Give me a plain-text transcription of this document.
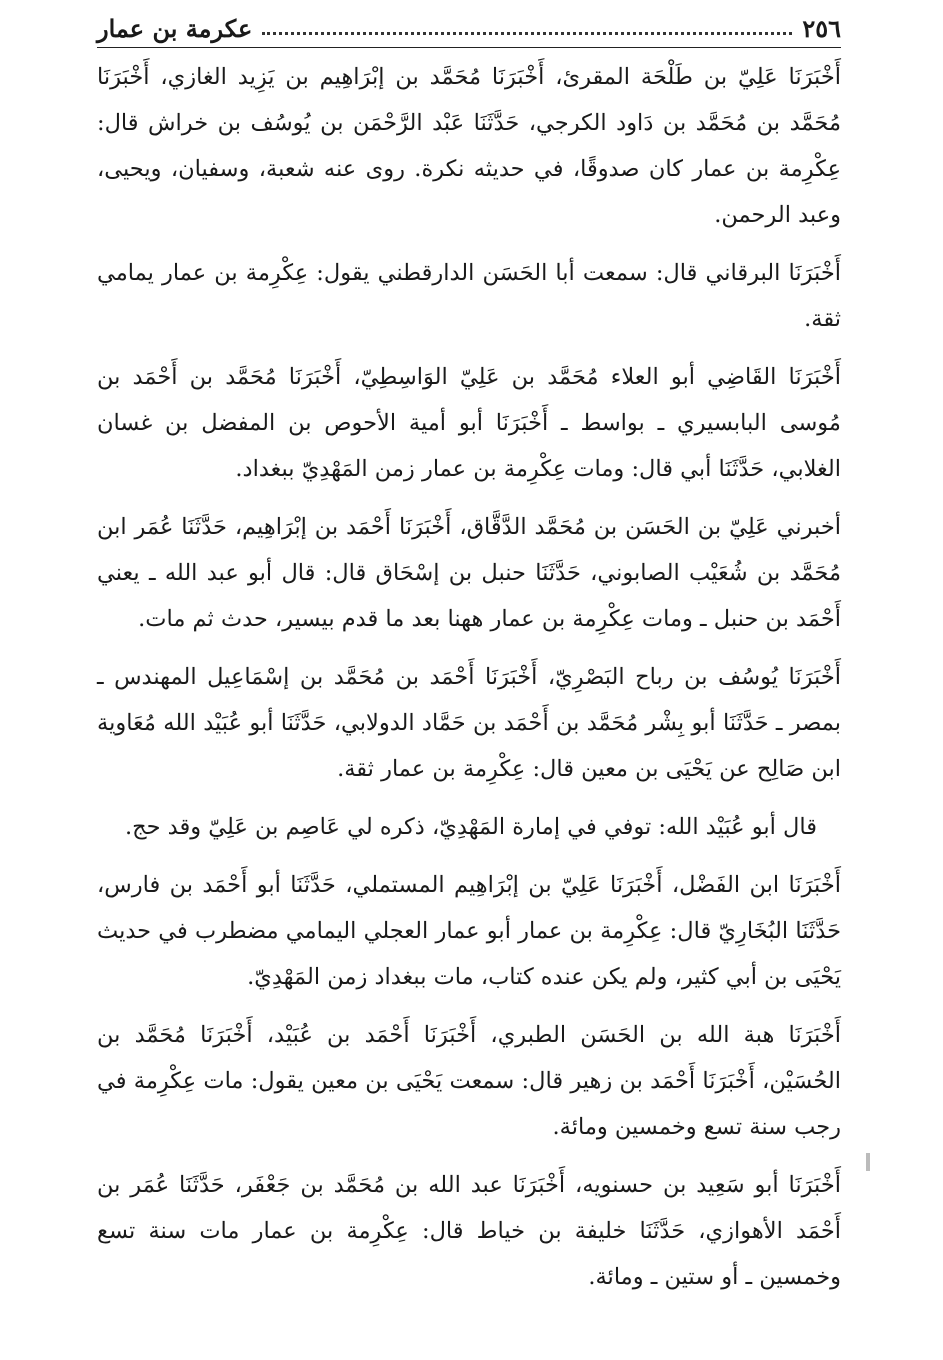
٢٥٦
عكرمة بن عمار

أَخْبَرَنَا عَلِيّ بن طَلْحَة المقرئ، أَخْبَرَنَا مُحَمَّد بن إبْرَاهِيم بن يَزِيد الغازي، أَخْبَرَنَا مُحَمَّد بن مُحَمَّد بن دَاود الكرجي، حَدَّثَنَا عَبْد الرَّحْمَن بن يُوسُف بن خراش قال: عِكْرِمة بن عمار كان صدوقًا، في حديثه نكرة. روى عنه شعبة، وسفيان، ويحيى، وعبد الرحمن.

أَخْبَرَنَا البرقاني قال: سمعت أبا الحَسَن الدارقطني يقول: عِكْرِمة بن عمار يمامي ثقة.

أَخْبَرَنَا القَاضِي أبو العلاء مُحَمَّد بن عَلِيّ الوَاسِطِيّ، أَخْبَرَنَا مُحَمَّد بن أَحْمَد بن مُوسى البابسيري ـ بواسط ـ أَخْبَرَنَا أبو أمية الأحوص بن المفضل بن غسان الغلابي، حَدَّثَنَا أبي قال: ومات عِكْرِمة بن عمار زمن المَهْدِيّ ببغداد.

أخبرني عَلِيّ بن الحَسَن بن مُحَمَّد الدَّقَّاق، أَخْبَرَنَا أَحْمَد بن إبْرَاهِيم، حَدَّثَنَا عُمَر ابن مُحَمَّد بن شُعَيْب الصابوني، حَدَّثَنَا حنبل بن إسْحَاق قال: قال أبو عبد الله ـ يعني أَحْمَد بن حنبل ـ ومات عِكْرِمة بن عمار ههنا بعد ما قدم بيسير، حدث ثم مات.

أَخْبَرَنَا يُوسُف بن رباح البَصْرِيّ، أَخْبَرَنَا أَحْمَد بن مُحَمَّد بن إسْمَاعِيل المهندس ـ بمصر ـ حَدَّثَنَا أبو بِشْر مُحَمَّد بن أَحْمَد بن حَمَّاد الدولابي، حَدَّثَنَا أبو عُبَيْد الله مُعَاوية ابن صَالِح عن يَحْيَى بن معين قال: عِكْرِمة بن عمار ثقة.

قال أبو عُبَيْد الله: توفي في إمارة المَهْدِيّ، ذكره لي عَاصِم بن عَلِيّ وقد حج.

أَخْبَرَنَا ابن الفَضْل، أَخْبَرَنَا عَلِيّ بن إبْرَاهِيم المستملي، حَدَّثَنَا أبو أَحْمَد بن فارس، حَدَّثَنَا البُخَارِيّ قال: عِكْرِمة بن عمار أبو عمار العجلي اليمامي مضطرب في حديث يَحْيَى بن أبي كثير، ولم يكن عنده كتاب، مات ببغداد زمن المَهْدِيّ.

أَخْبَرَنَا هبة الله بن الحَسَن الطبري، أَخْبَرَنَا أَحْمَد بن عُبَيْد، أَخْبَرَنَا مُحَمَّد بن الحُسَيْن، أَخْبَرَنَا أَحْمَد بن زهير قال: سمعت يَحْيَى بن معين يقول: مات عِكْرِمة في رجب سنة تسع وخمسين ومائة.

أَخْبَرَنَا أبو سَعِيد بن حسنويه، أَخْبَرَنَا عبد الله بن مُحَمَّد بن جَعْفَر، حَدَّثَنَا عُمَر بن أَحْمَد الأهوازي، حَدَّثَنَا خليفة بن خياط قال: عِكْرِمة بن عمار مات سنة تسع وخمسين ـ أو ستين ـ ومائة.
